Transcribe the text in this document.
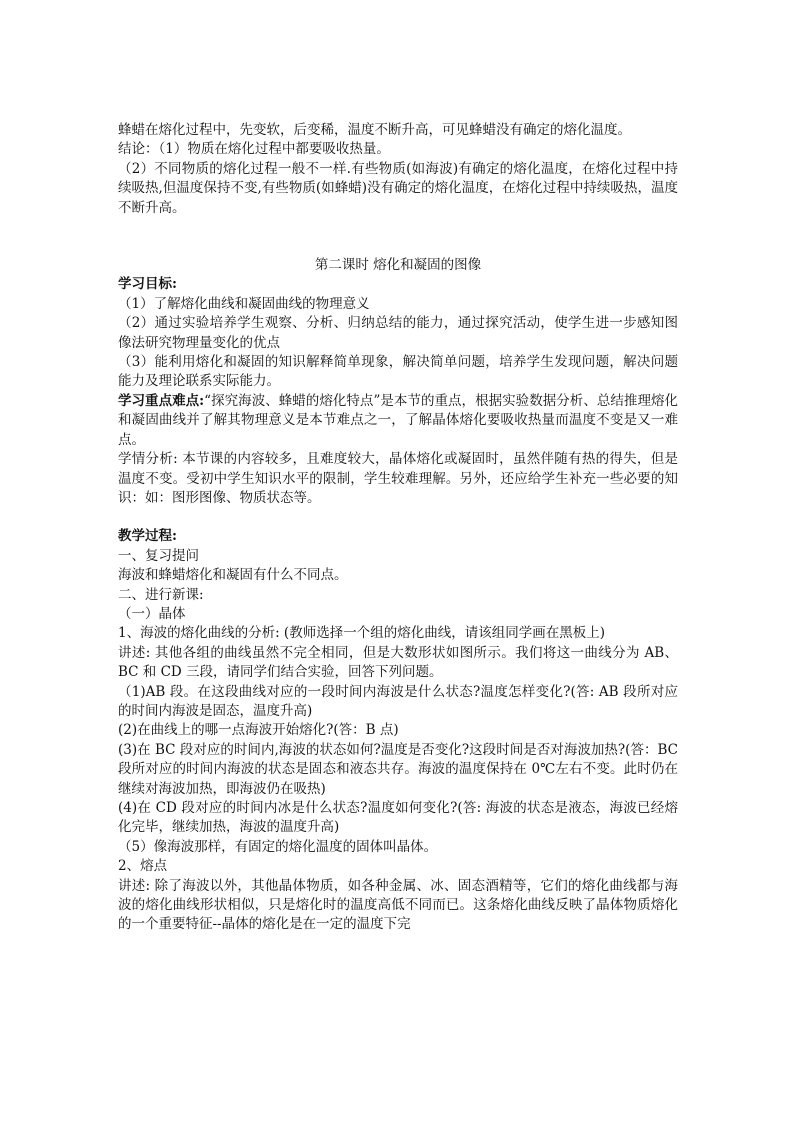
蜂蜡在熔化过程中，先变软，后变稀，温度不断升高，可见蜂蜡没有确定的熔化温度。

结论：（1）物质在熔化过程中都要吸收热量。

（2）不同物质的熔化过程一般不一样.有些物质(如海波)有确定的熔化温度，在熔化过程中持续吸热,但温度保持不变,有些物质(如蜂蜡)没有确定的熔化温度，在熔化过程中持续吸热，温度不断升高。

第二课时 熔化和凝固的图像

学习目标:

（1）了解熔化曲线和凝固曲线的物理意义

（2）通过实验培养学生观察、分析、归纳总结的能力，通过探究活动，使学生进一步感知图像法研究物理量变化的优点

（3）能利用熔化和凝固的知识解释简单现象，解决简单问题，培养学生发现问题，解决问题能力及理论联系实际能力。

学习重点难点:“探究海波、蜂蜡的熔化特点”是本节的重点，根据实验数据分析、总结推理熔化和凝固曲线并了解其物理意义是本节难点之一，了解晶体熔化要吸收热量而温度不变是又一难点。

学情分析: 本节课的内容较多，且难度较大，晶体熔化或凝固时，虽然伴随有热的得失，但是温度不变。受初中学生知识水平的限制，学生较难理解。另外，还应给学生补充一些必要的知识：如：图形图像、物质状态等。

教学过程:

一、复习提问

海波和蜂蜡熔化和凝固有什么不同点。

二、进行新课:

（一）晶体

1、海波的熔化曲线的分析: (教师选择一个组的熔化曲线，请该组同学画在黑板上)

讲述: 其他各组的曲线虽然不完全相同，但是大数形状如图所示。我们将这一曲线分为 AB、BC 和 CD 三段，请同学们结合实验，回答下列问题。

（1)AB 段。在这段曲线对应的一段时间内海波是什么状态?温度怎样变化?(答: AB 段所对应的时间内海波是固态，温度升高)

(2)在曲线上的哪一点海波开始熔化?(答：B 点)

(3)在 BC 段对应的时间内,海波的状态如何?温度是否变化?这段时间是否对海波加热?(答：BC 段所对应的时间内海波的状态是固态和液态共存。海波的温度保持在 0℃左右不变。此时仍在继续对海波加热，即海波仍在吸热)

(4)在 CD 段对应的时间内冰是什么状态?温度如何变化?(答: 海波的状态是液态，海波已经熔化完毕，继续加热，海波的温度升高)

（5）像海波那样，有固定的熔化温度的固体叫晶体。

2、熔点

讲述: 除了海波以外，其他晶体物质，如各种金属、冰、固态酒精等，它们的熔化曲线都与海波的熔化曲线形状相似，只是熔化时的温度高低不同而已。这条熔化曲线反映了晶体物质熔化的一个重要特征--晶体的熔化是在一定的温度下完
